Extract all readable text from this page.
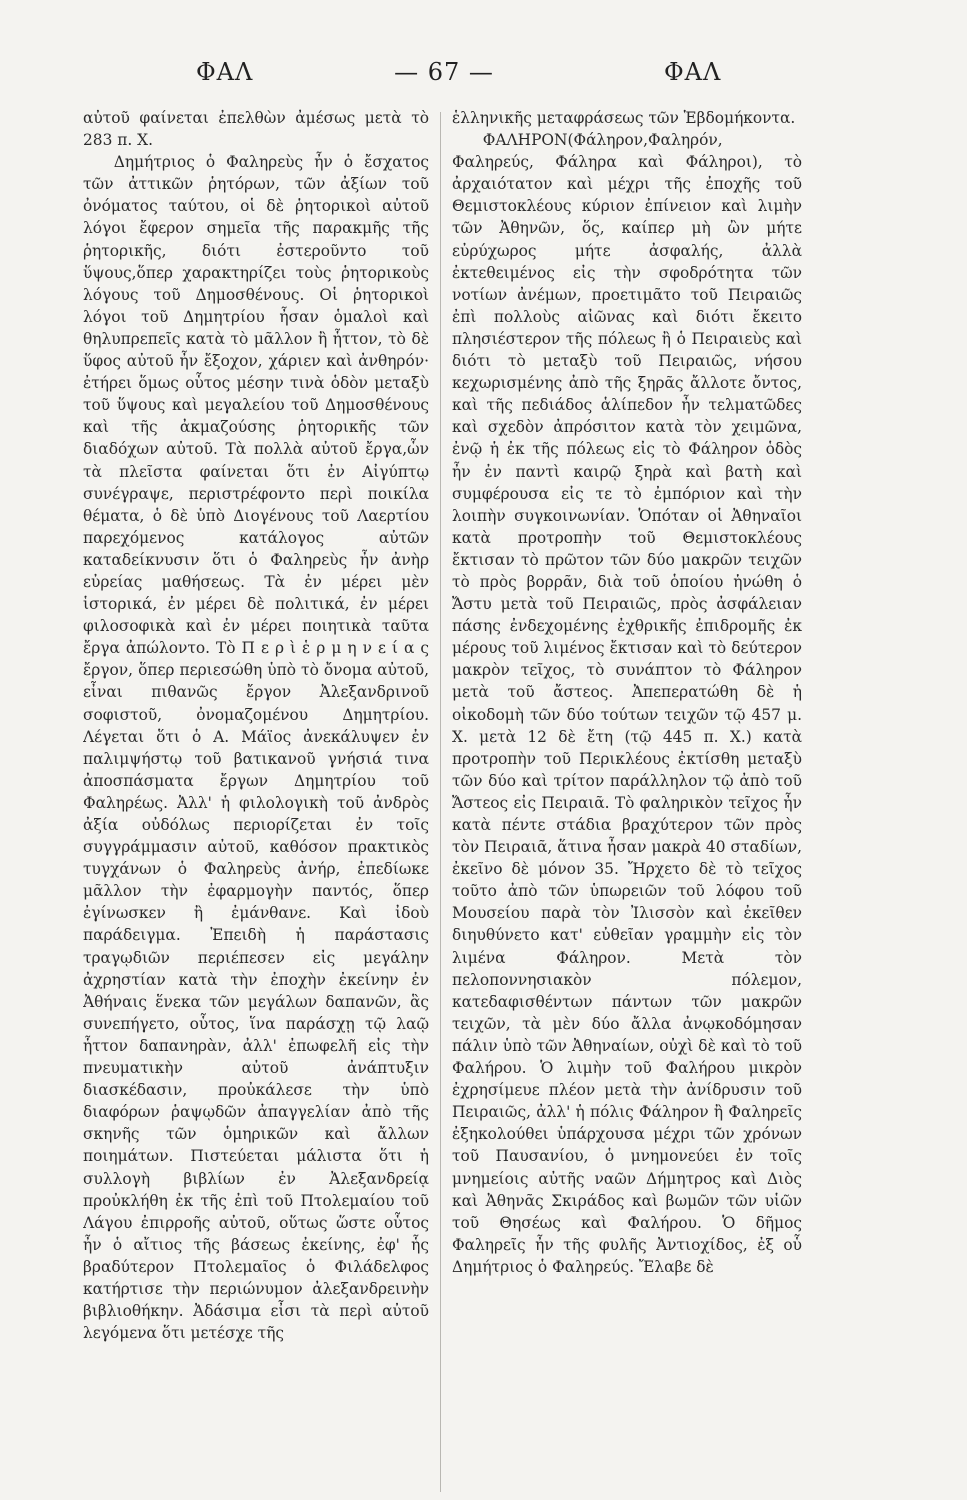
ΦΑΛ	— 67 —	ΦΑΛ

αὐτοῦ φαίνεται ἐπελθὼν ἀμέσως μετὰ τὸ 283 π. Χ.

Δημήτριος ὁ Φαληρεὺς ἦν ὁ ἔσχατος τῶν ἀττικῶν ῥητόρων, τῶν ἀξίων τοῦ ὀνόματος ταύτου, οἱ δὲ ῥητορικοὶ αὐτοῦ λόγοι ἔφερον σημεῖα τῆς παρακμῆς τῆς ῥητορικῆς, διότι ἐστεροῦντο τοῦ ὕψους,ὅπερ χαρακτηρίζει τοὺς ῥητορικοὺς λόγους τοῦ Δημοσθένους. Οἱ ῥητορικοὶ λόγοι τοῦ Δημητρίου ἦσαν ὁμαλοὶ καὶ θηλυπρεπεῖς κατὰ τὸ μᾶλλον ἢ ἧττον, τὸ δὲ ὕφος αὐτοῦ ἦν ἔξοχον, χάριεν καὶ ἀνθηρόν· ἐτήρει ὅμως οὗτος μέσην τινὰ ὁδὸν μεταξὺ τοῦ ὕψους καὶ μεγαλείου τοῦ Δημοσθένους καὶ τῆς ἀκμαζούσης ῥητορικῆς τῶν διαδόχων αὐτοῦ. Τὰ πολλὰ αὐτοῦ ἔργα,ὧν τὰ πλεῖστα φαίνεται ὅτι ἐν Αἰγύπτῳ συνέγραψε, περιστρέφοντο περὶ ποικίλα θέματα, ὁ δὲ ὑπὸ Διογένους τοῦ Λαερτίου παρεχόμενος κατάλογος αὐτῶν καταδείκνυσιν ὅτι ὁ Φαληρεὺς ἦν ἀνὴρ εὐρείας μαθήσεως. Τὰ ἐν μέρει μὲν ἱστορικά, ἐν μέρει δὲ πολιτικά, ἐν μέρει φιλοσοφικὰ καὶ ἐν μέρει ποιητικὰ ταῦτα ἔργα ἀπώλοντο. Τὸ Π ε ρ ὶ ἑ ρ μ η ν ε ί α ς ἔργον, ὅπερ περιεσώθη ὑπὸ τὸ ὄνομα αὐτοῦ, εἶναι πιθανῶς ἔργον Ἀλεξανδρινοῦ σοφιστοῦ, ὀνομαζομένου Δημητρίου. Λέγεται ὅτι ὁ Α. Μάϊος ἀνεκάλυψεν ἐν παλιμψήστῳ τοῦ βατικανοῦ γνήσιά τινα ἀποσπάσματα ἔργων Δημητρίου τοῦ Φαληρέως. Ἀλλ' ἡ φιλολογικὴ τοῦ ἀνδρὸς ἀξία οὐδόλως περιορίζεται ἐν τοῖς συγγράμμασιν αὐτοῦ, καθόσον πρακτικὸς τυγχάνων ὁ Φαληρεὺς ἀνήρ, ἐπεδίωκε μᾶλλον τὴν ἐφαρμογὴν παντός, ὅπερ ἐγίνωσκεν ἢ ἐμάνθανε. Καὶ ἰδοὺ παράδειγμα. Ἐπειδὴ ἡ παράστασις τραγῳδιῶν περιέπεσεν εἰς μεγάλην ἀχρηστίαν κατὰ τὴν ἐποχὴν ἐκείνην ἐν Ἀθήναις ἕνεκα τῶν μεγάλων δαπανῶν, ἃς συνεπήγετο, οὗτος, ἵνα παράσχῃ τῷ λαῷ ἧττον δαπανηρὰν, ἀλλ' ἐπωφελῆ εἰς τὴν πνευματικὴν αὐτοῦ ἀνάπτυξιν διασκέδασιν, προὐκάλεσε τὴν ὑπὸ διαφόρων ῥαψῳδῶν ἀπαγγελίαν ἀπὸ τῆς σκηνῆς τῶν ὁμηρικῶν καὶ ἄλλων ποιημάτων. Πιστεύεται μάλιστα ὅτι ἡ συλλογὴ βιβλίων ἐν Ἀλεξανδρείᾳ προὐκλήθη ἐκ τῆς ἐπὶ τοῦ Πτολεμαίου τοῦ Λάγου ἐπιρροῆς αὐτοῦ, οὕτως ὥστε οὗτος ἦν ὁ αἴτιος τῆς βάσεως ἐκείνης, ἐφ' ἧς βραδύτερον Πτολεμαῖος ὁ Φιλάδελφος κατήρτισε τὴν περιώνυμον ἀλεξανδρεινὴν βιβλιοθήκην. Ἀδάσιμα εἶσι τὰ περὶ αὐτοῦ λεγόμενα ὅτι μετέσχε τῆς

ἑλληνικῆς μεταφράσεως τῶν Ἑβδομήκοντα.

ΦΑΛΗΡΟΝ(Φάληρον,Φαληρόν, Φαληρεύς, Φάληρα καὶ Φάληροι), τὸ ἀρχαιότατον καὶ μέχρι τῆς ἐποχῆς τοῦ Θεμιστοκλέους κύριον ἐπίνειον καὶ λιμὴν τῶν Ἀθηνῶν, ὅς, καίπερ μὴ ὢν μήτε εὐρύχωρος μήτε ἀσφαλής, ἀλλὰ ἐκτεθειμένος εἰς τὴν σφοδρότητα τῶν νοτίων ἀνέμων, προετιμᾶτο τοῦ Πειραιῶς ἐπὶ πολλοὺς αἰῶνας καὶ διότι ἔκειτο πλησιέστερον τῆς πόλεως ἢ ὁ Πειραιεὺς καὶ διότι τὸ μεταξὺ τοῦ Πειραιῶς, νήσου κεχωρισμένης ἀπὸ τῆς ξηρᾶς ἄλλοτε ὄντος, καὶ τῆς πεδιάδος ἁλίπεδον ἦν τελματῶδες καὶ σχεδὸν ἀπρόσιτον κατὰ τὸν χειμῶνα, ἐνῷ ἡ ἐκ τῆς πόλεως εἰς τὸ Φάληρον ὁδὸς ἦν ἐν παντὶ καιρῷ ξηρὰ καὶ βατὴ καὶ συμφέρουσα εἰς τε τὸ ἐμπόριον καὶ τὴν λοιπὴν συγκοινωνίαν. Ὁπόταν οἱ Ἀθηναῖοι κατὰ προτροπὴν τοῦ Θεμιστοκλέους ἔκτισαν τὸ πρῶτον τῶν δύο μακρῶν τειχῶν τὸ πρὸς βορρᾶν, διὰ τοῦ ὁποίου ἡνώθη ὁ Ἄστυ μετὰ τοῦ Πειραιῶς, πρὸς ἀσφάλειαν πάσης ἐνδεχομένης ἐχθρικῆς ἐπιδρομῆς ἐκ μέρους τοῦ λιμένος ἔκτισαν καὶ τὸ δεύτερον μακρὸν τεῖχος, τὸ συνάπτον τὸ Φάληρον μετὰ τοῦ ἄστεος. Ἀπεπερατώθη δὲ ἡ οἰκοδομὴ τῶν δύο τούτων τειχῶν τῷ 457 μ. Χ. μετὰ 12 δὲ ἔτη (τῷ 445 π. Χ.) κατὰ προτροπὴν τοῦ Περικλέους ἐκτίσθη μεταξὺ τῶν δύο καὶ τρίτον παράλληλον τῷ ἀπὸ τοῦ Ἄστεος εἰς Πειραιᾶ. Τὸ φαληρικὸν τεῖχος ἦν κατὰ πέντε στάδια βραχύτερον τῶν πρὸς τὸν Πειραιᾶ, ἅτινα ἦσαν μακρὰ 40 σταδίων, ἐκεῖνο δὲ μόνον 35. Ἤρχετο δὲ τὸ τεῖχος τοῦτο ἀπὸ τῶν ὑπωρειῶν τοῦ λόφου τοῦ Μουσείου παρὰ τὸν Ἰλισσὸν καὶ ἐκεῖθεν διηυθύνετο κατ' εὐθεῖαν γραμμὴν εἰς τὸν λιμένα Φάληρον. Μετὰ τὸν πελοποννησιακὸν πόλεμον, κατεδαφισθέντων πάντων τῶν μακρῶν τειχῶν, τὰ μὲν δύο ἄλλα ἀνῳκοδόμησαν πάλιν ὑπὸ τῶν Ἀθηναίων, οὐχὶ δὲ καὶ τὸ τοῦ Φαλήρου. Ὁ λιμὴν τοῦ Φαλήρου μικρὸν ἐχρησίμευε πλέον μετὰ τὴν ἀνίδρυσιν τοῦ Πειραιῶς, ἀλλ' ἡ πόλις Φάληρον ἢ Φαληρεῖς ἐξηκολούθει ὑπάρχουσα μέχρι τῶν χρόνων τοῦ Παυσανίου, ὁ μνημονεύει ἐν τοῖς μνημείοις αὐτῆς ναῶν Δήμητρος καὶ Διὸς καὶ Ἀθηνᾶς Σκιράδος καὶ βωμῶν τῶν υἱῶν τοῦ Θησέως καὶ Φαλήρου. Ὁ δῆμος Φαληρεῖς ἦν τῆς φυλῆς Ἀντιοχίδος, ἐξ οὗ Δημήτριος ὁ Φαληρεύς. Ἔλαβε δὲ
